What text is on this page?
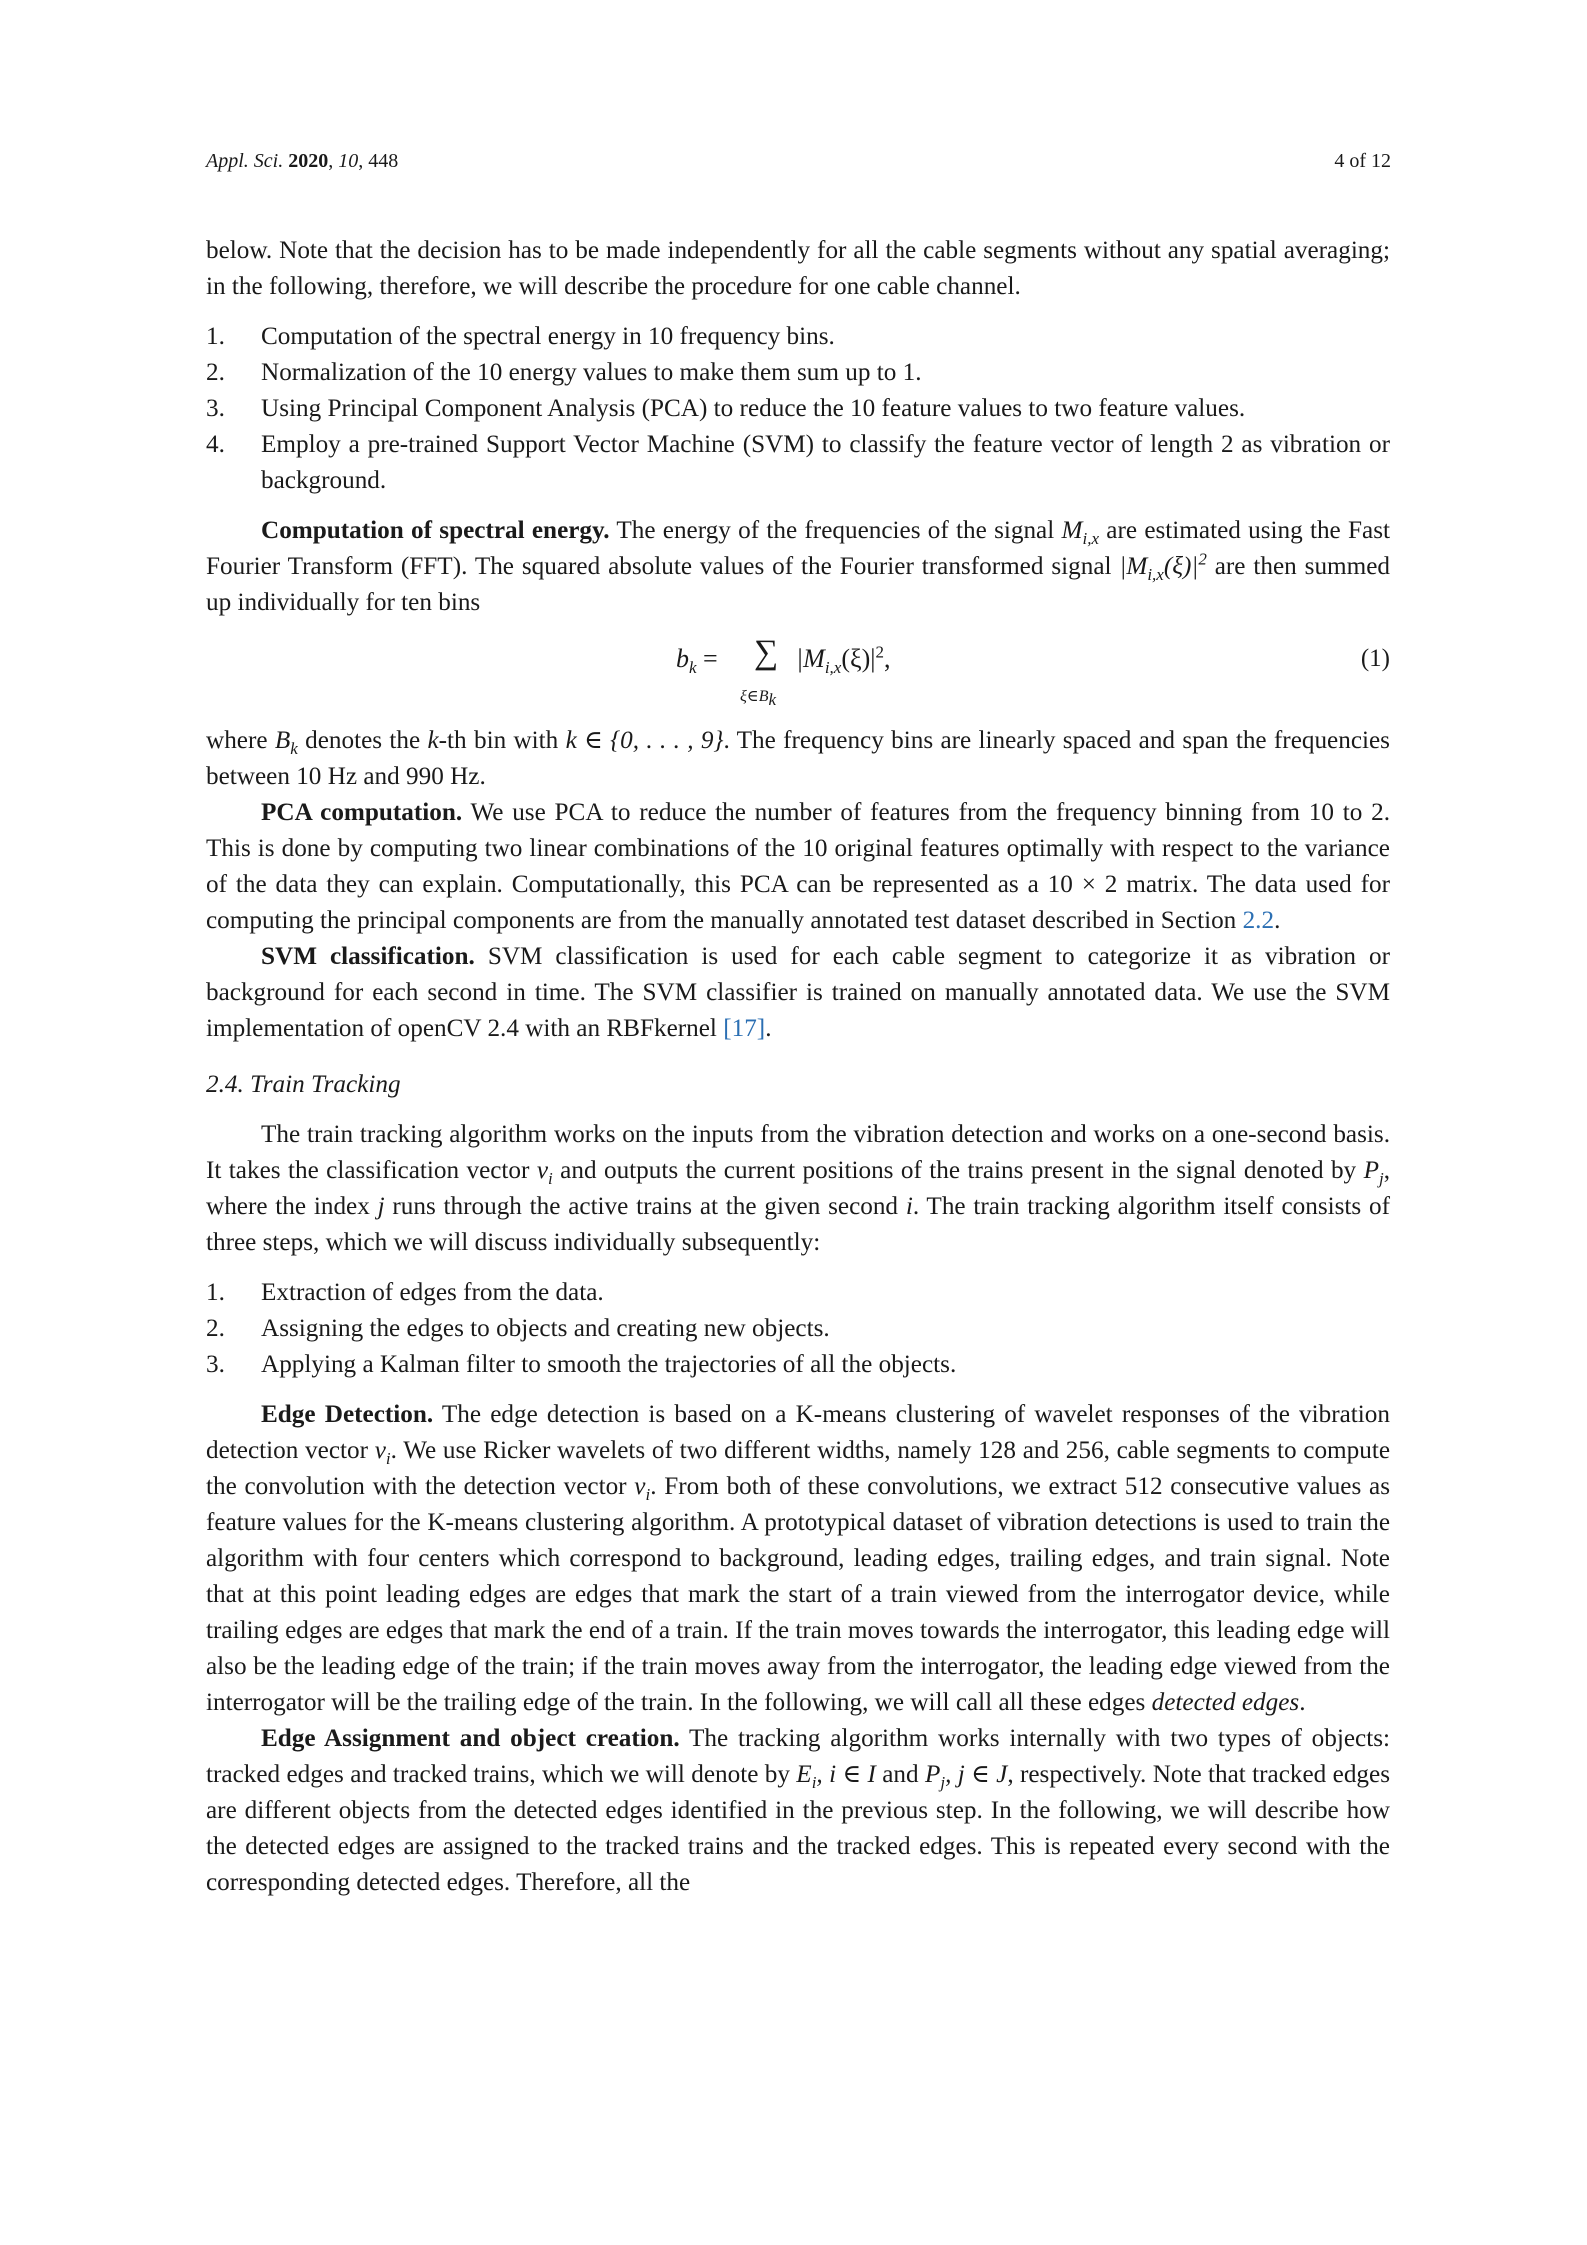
Appl. Sci. 2020, 10, 448	4 of 12

below. Note that the decision has to be made independently for all the cable segments without any spatial averaging; in the following, therefore, we will describe the procedure for one cable channel.

1. Computation of the spectral energy in 10 frequency bins.
2. Normalization of the 10 energy values to make them sum up to 1.
3. Using Principal Component Analysis (PCA) to reduce the 10 feature values to two feature values.
4. Employ a pre-trained Support Vector Machine (SVM) to classify the feature vector of length 2 as vibration or background.

Computation of spectral energy. The energy of the frequencies of the signal $M_{i,x}$ are estimated using the Fast Fourier Transform (FFT). The squared absolute values of the Fourier transformed signal $|M_{i,x}(\xi)|^2$ are then summed up individually for ten bins

$b_k$ = ∑
$\xi\in B_k$
$|M_{i,x}(\xi)|^2$,	(1)

where $B_k$ denotes the k-th bin with k ∈ {0, . . . , 9}. The frequency bins are linearly spaced and span the frequencies between 10 Hz and 990 Hz.

PCA computation. We use PCA to reduce the number of features from the frequency binning from 10 to 2. This is done by computing two linear combinations of the 10 original features optimally with respect to the variance of the data they can explain. Computationally, this PCA can be represented as a 10 × 2 matrix. The data used for computing the principal components are from the manually annotated test dataset described in Section 2.2.

SVM classification. SVM classification is used for each cable segment to categorize it as vibration or background for each second in time. The SVM classifier is trained on manually annotated data. We use the SVM implementation of openCV 2.4 with an RBFkernel [17].

2.4. Train Tracking

The train tracking algorithm works on the inputs from the vibration detection and works on a one-second basis. It takes the classification vector $v_i$ and outputs the current positions of the trains present in the signal denoted by $P_j$, where the index j runs through the active trains at the given second i. The train tracking algorithm itself consists of three steps, which we will discuss individually subsequently:

1. Extraction of edges from the data.
2. Assigning the edges to objects and creating new objects.
3. Applying a Kalman filter to smooth the trajectories of all the objects.

Edge Detection. The edge detection is based on a K-means clustering of wavelet responses of the vibration detection vector $v_i$. We use Ricker wavelets of two different widths, namely 128 and 256, cable segments to compute the convolution with the detection vector $v_i$. From both of these convolutions, we extract 512 consecutive values as feature values for the K-means clustering algorithm. A prototypical dataset of vibration detections is used to train the algorithm with four centers which correspond to background, leading edges, trailing edges, and train signal. Note that at this point leading edges are edges that mark the start of a train viewed from the interrogator device, while trailing edges are edges that mark the end of a train. If the train moves towards the interrogator, this leading edge will also be the leading edge of the train; if the train moves away from the interrogator, the leading edge viewed from the interrogator will be the trailing edge of the train. In the following, we will call all these edges detected edges.

Edge Assignment and object creation. The tracking algorithm works internally with two types of objects: tracked edges and tracked trains, which we will denote by $E_i$, i ∈ I and $P_j$, j ∈ J, respectively. Note that tracked edges are different objects from the detected edges identified in the previous step. In the following, we will describe how the detected edges are assigned to the tracked trains and the tracked edges. This is repeated every second with the corresponding detected edges. Therefore, all the
